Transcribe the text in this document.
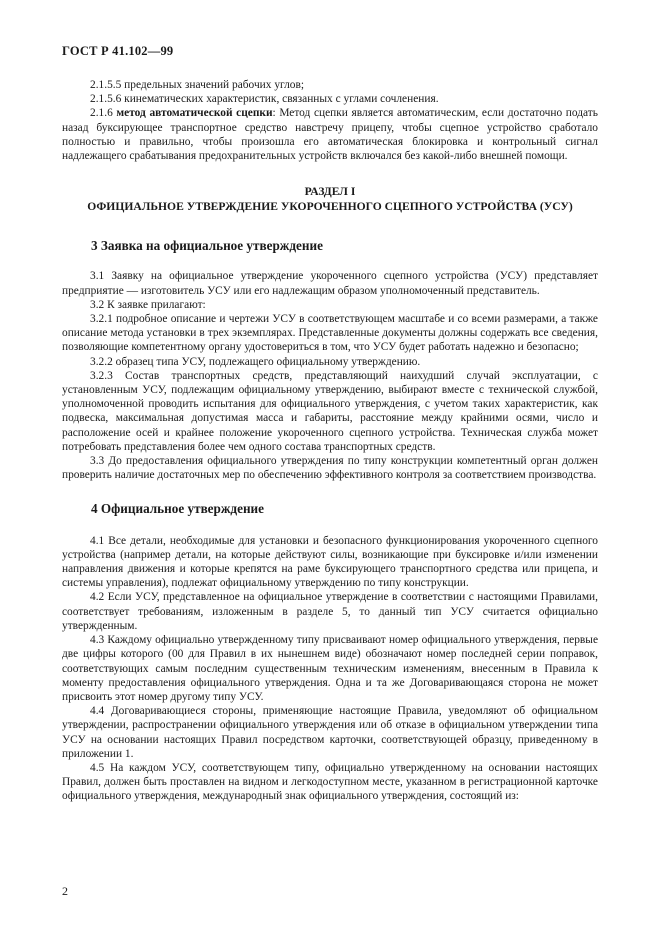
ГОСТ Р 41.102—99

2.1.5.5 предельных значений рабочих углов;

2.1.5.6 кинематических характеристик, связанных с углами сочленения.

2.1.6 метод автоматической сцепки: Метод сцепки является автоматическим, если достаточно подать назад буксирующее транспортное средство навстречу прицепу, чтобы сцепное устройство сработало полностью и правильно, чтобы произошла его автоматическая блокировка и контрольный сигнал надлежащего срабатывания предохранительных устройств включался без какой-либо внешней помощи.

РАЗДЕЛ I

ОФИЦИАЛЬНОЕ УТВЕРЖДЕНИЕ УКОРОЧЕННОГО СЦЕПНОГО УСТРОЙСТВА (УСУ)

3 Заявка на официальное утверждение

3.1 Заявку на официальное утверждение укороченного сцепного устройства (УСУ) представляет предприятие — изготовитель УСУ или его надлежащим образом уполномоченный представитель.

3.2 К заявке прилагают:

3.2.1 подробное описание и чертежи УСУ в соответствующем масштабе и со всеми размерами, а также описание метода установки в трех экземплярах. Представленные документы должны содержать все сведения, позволяющие компетентному органу удостовериться в том, что УСУ будет работать надежно и безопасно;

3.2.2 образец типа УСУ, подлежащего официальному утверждению.

3.2.3 Состав транспортных средств, представляющий наихудший случай эксплуатации, с установленным УСУ, подлежащим официальному утверждению, выбирают вместе с технической службой, уполномоченной проводить испытания для официального утверждения, с учетом таких характеристик, как подвеска, максимальная допустимая масса и габариты, расстояние между крайними осями, число и расположение осей и крайнее положение укороченного сцепного устройства. Техническая служба может потребовать представления более чем одного состава транспортных средств.

3.3 До предоставления официального утверждения по типу конструкции компетентный орган должен проверить наличие достаточных мер по обеспечению эффективного контроля за соответствием производства.

4 Официальное утверждение

4.1 Все детали, необходимые для установки и безопасного функционирования укороченного сцепного устройства (например детали, на которые действуют силы, возникающие при буксировке и/или изменении направления движения и которые крепятся на раме буксирующего транспортного средства или прицепа, и системы управления), подлежат официальному утверждению по типу конструкции.

4.2 Если УСУ, представленное на официальное утверждение в соответствии с настоящими Правилами, соответствует требованиям, изложенным в разделе 5, то данный тип УСУ считается официально утвержденным.

4.3 Каждому официально утвержденному типу присваивают номер официального утверждения, первые две цифры которого (00 для Правил в их нынешнем виде) обозначают номер последней серии поправок, соответствующих самым последним существенным техническим изменениям, внесенным в Правила к моменту предоставления официального утверждения. Одна и та же Договаривающаяся сторона не может присвоить этот номер другому типу УСУ.

4.4 Договаривающиеся стороны, применяющие настоящие Правила, уведомляют об официальном утверждении, распространении официального утверждения или об отказе в официальном утверждении типа УСУ на основании настоящих Правил посредством карточки, соответствующей образцу, приведенному в приложении 1.

4.5 На каждом УСУ, соответствующем типу, официально утвержденному на основании настоящих Правил, должен быть проставлен на видном и легкодоступном месте, указанном в регистрационной карточке официального утверждения, международный знак официального утверждения, состоящий из:

2
